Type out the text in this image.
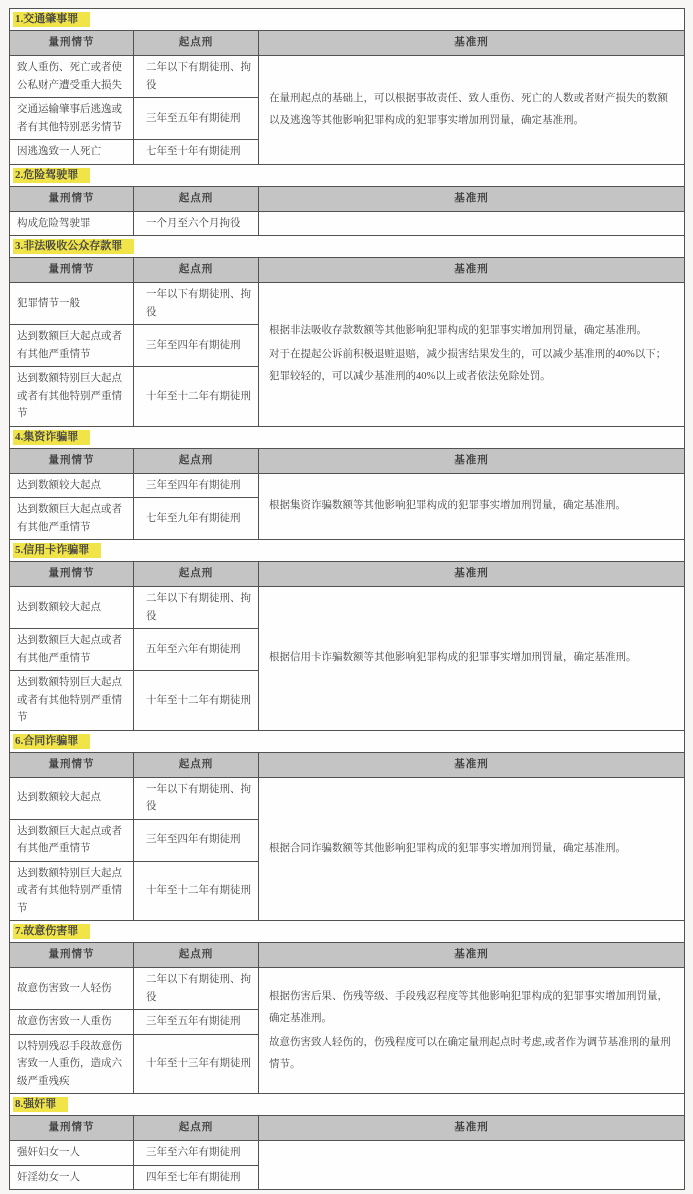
1.交通肇事罪		
量刑情节	起点刑	基准刑
致人重伤、死亡或者使公私财产遭受重大损失	二年以下有期徒刑、拘役	在量刑起点的基础上，可以根据事故责任、致人重伤、死亡的人数或者财产损失的数额以及逃逸等其他影响犯罪构成的犯罪事实增加刑罚量，确定基准刑。

交通运输肇事后逃逸或者有其他特别恶劣情节	三年至五年有期徒刑	
因逃逸致一人死亡	七年至十年有期徒刑	
2.危险驾驶罪		
量刑情节	起点刑	基准刑
构成危险驾驶罪	一个月至六个月拘役	
3.非法吸收公众存款罪		
量刑情节	起点刑	基准刑
犯罪情节一般	一年以下有期徒刑、拘役	根据非法吸收存款数额等其他影响犯罪构成的犯罪事实增加刑罚量，确定基准刑。

对于在提起公诉前积极退赃退赔，减少损害结果发生的，可以减少基准刑的40%以下；犯罪较轻的，可以减少基准刑的40%以上或者依法免除处罚。

达到数额巨大起点或者有其他严重情节	三年至四年有期徒刑	
达到数额特别巨大起点或者有其他特别严重情节	十年至十二年有期徒刑	
4.集资诈骗罪		
量刑情节	起点刑	基准刑
达到数额较大起点	三年至四年有期徒刑	根据集资诈骗数额等其他影响犯罪构成的犯罪事实增加刑罚量，确定基准刑。

达到数额巨大起点或者有其他严重情节	七年至九年有期徒刑	
5.信用卡诈骗罪		
量刑情节	起点刑	基准刑
达到数额较大起点	二年以下有期徒刑、拘役	根据信用卡诈骗数额等其他影响犯罪构成的犯罪事实增加刑罚量，确定基准刑。

达到数额巨大起点或者有其他严重情节	五年至六年有期徒刑	
达到数额特别巨大起点或者有其他特别严重情节	十年至十二年有期徒刑	
6.合同诈骗罪		
量刑情节	起点刑	基准刑
达到数额较大起点	一年以下有期徒刑、拘役	根据合同诈骗数额等其他影响犯罪构成的犯罪事实增加刑罚量，确定基准刑。

达到数额巨大起点或者有其他严重情节	三年至四年有期徒刑	
达到数额特别巨大起点或者有其他特别严重情节	十年至十二年有期徒刑	
7.故意伤害罪		
量刑情节	起点刑	基准刑
故意伤害致一人轻伤	二年以下有期徒刑、拘役	根据伤害后果、伤残等级、手段残忍程度等其他影响犯罪构成的犯罪事实增加刑罚量，确定基准刑。

故意伤害致人轻伤的，伤残程度可以在确定量刑起点时考虑,或者作为调节基准刑的量刑情节。

故意伤害致一人重伤	三年至五年有期徒刑	
以特别残忍手段故意伤害致一人重伤，造成六级严重残疾	十年至十三年有期徒刑	
8.强奸罪		
量刑情节	起点刑	基准刑
强奸妇女一人	三年至六年有期徒刑	
奸淫幼女一人	四年至七年有期徒刑	
